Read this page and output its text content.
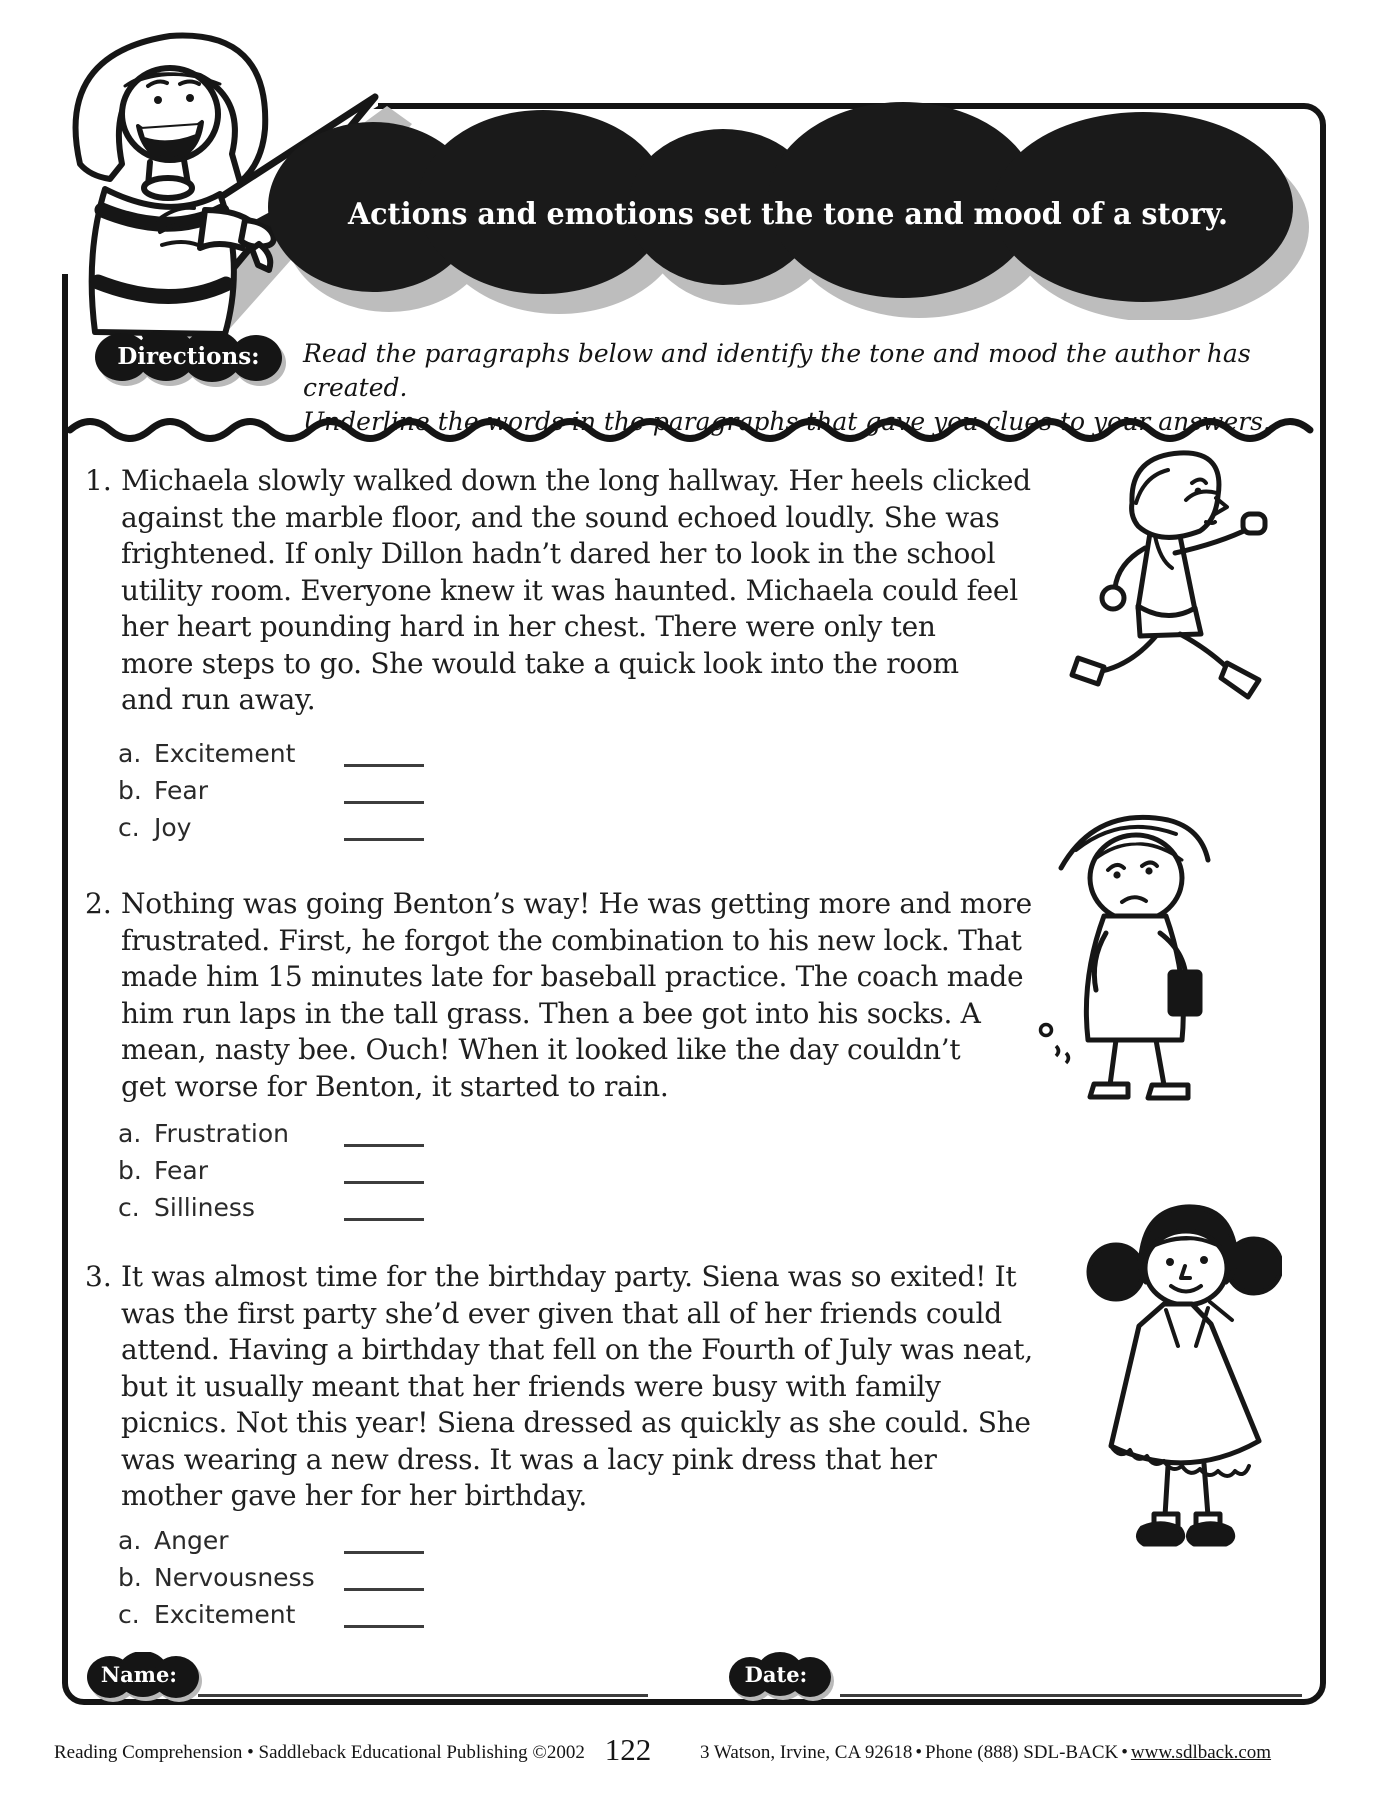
Actions and emotions set the tone and mood of a story.
Directions:	Read the paragraphs below and identify the tone and mood the author has created.
Underline the words in the paragraphs that gave you clues to your answers.
1. Michaela slowly walked down the long hallway. Her heels clicked
against the marble floor, and the sound echoed loudly. She was
frightened. If only Dillon hadn’t dared her to look in the school
utility room. Everyone knew it was haunted. Michaela could feel
her heart pounding hard in her chest. There were only ten
more steps to go. She would take a quick look into the room
and run away.
a. Excitement
b. Fear
c. Joy
2. Nothing was going Benton’s way! He was getting more and more
frustrated. First, he forgot the combination to his new lock. That
made him 15 minutes late for baseball practice. The coach made
him run laps in the tall grass. Then a bee got into his socks. A
mean, nasty bee. Ouch! When it looked like the day couldn’t
get worse for Benton, it started to rain.
a. Frustration
b. Fear
c. Silliness
3. It was almost time for the birthday party. Siena was so exited! It
was the first party she’d ever given that all of her friends could
attend. Having a birthday that fell on the Fourth of July was neat,
but it usually meant that her friends were busy with family
picnics. Not this year! Siena dressed as quickly as she could. She
was wearing a new dress. It was a lacy pink dress that her
mother gave her for her birthday.
a. Anger
b. Nervousness
c. Excitement
Name:	Date:
Reading Comprehension • Saddleback Educational Publishing ©2002 122	3 Watson, Irvine, CA 92618 • Phone (888) SDL-BACK • www.sdlback.com
